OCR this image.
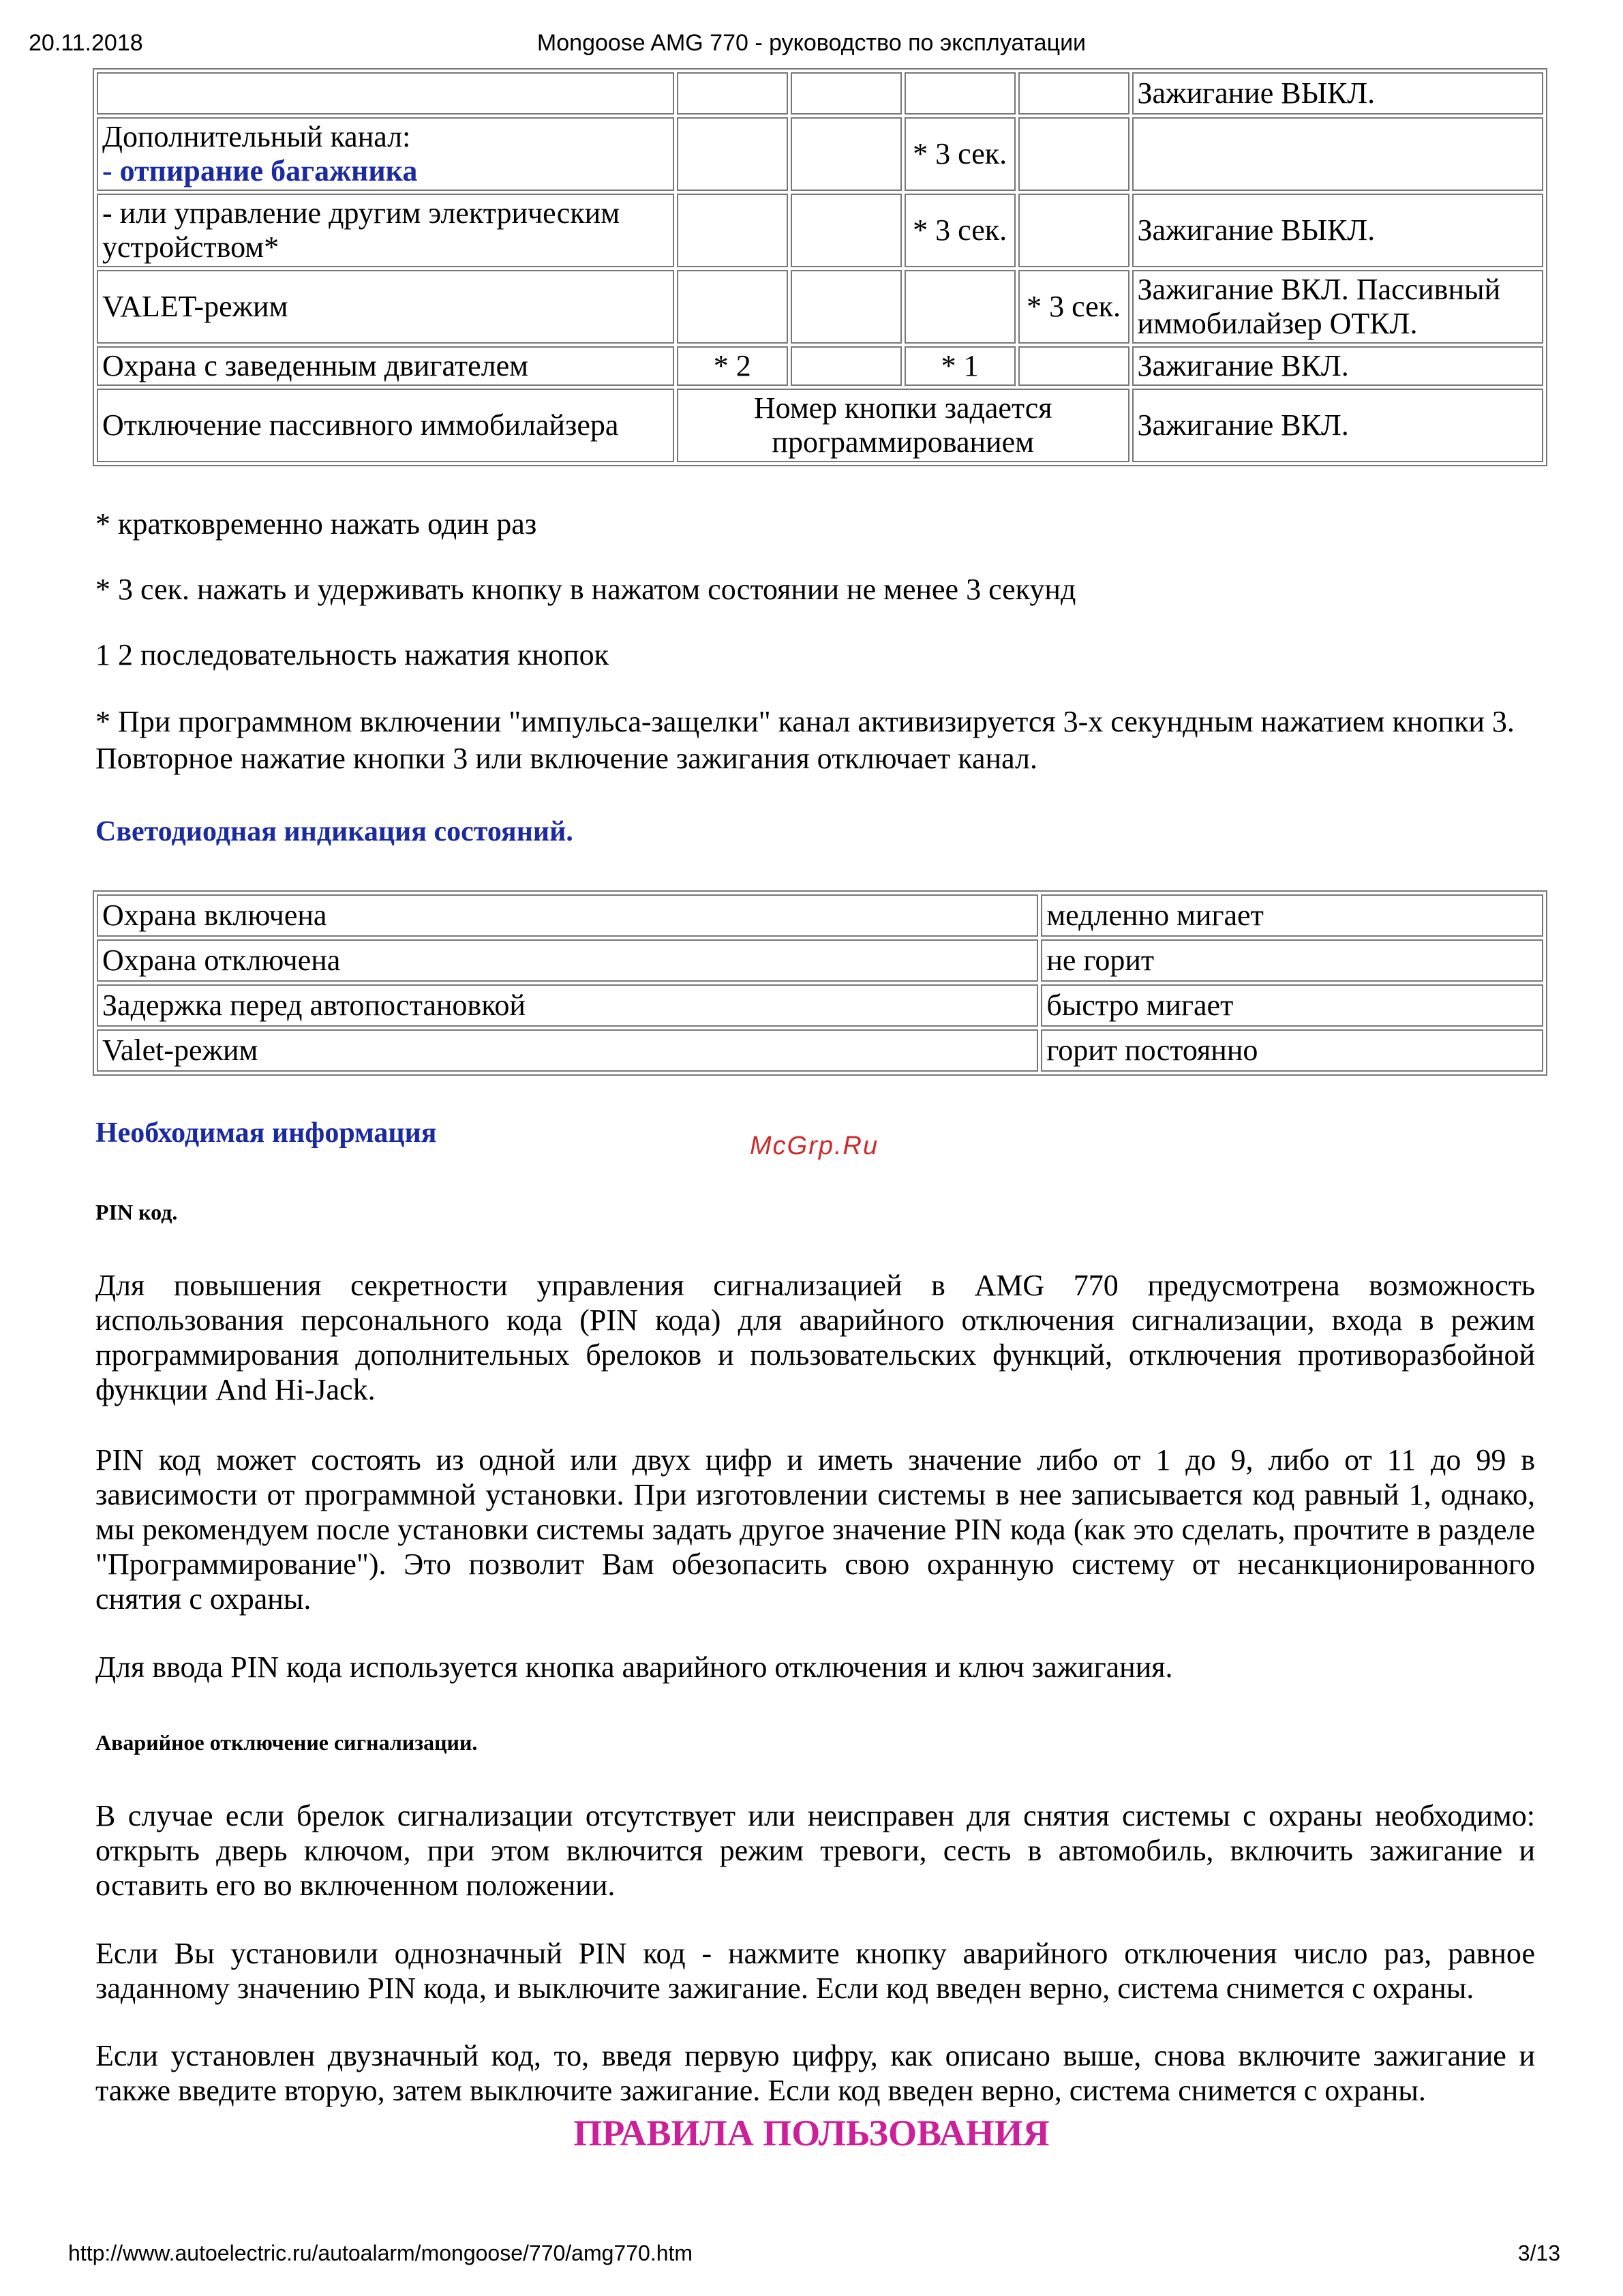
20.11.2018	Mongoose AMG 770 - руководство по эксплуатации
					Зажигание ВЫКЛ.
Дополнительный канал:
- отпирание багажника			* 3 сек.		
- или управление другим электрическим устройством*			* 3 сек.		Зажигание ВЫКЛ.
VALET-режим				* 3 сек.	Зажигание ВКЛ. Пассивный иммобилайзер ОТКЛ.
Охрана с заведенным двигателем	* 2		* 1		Зажигание ВКЛ.
Отключение пассивного иммобилайзера	Номер кнопки задается программированием				Зажигание ВКЛ.
* кратковременно нажать один раз
* 3 сек. нажать и удерживать кнопку в нажатом состоянии не менее 3 секунд
1 2 последовательность нажатия кнопок
* При программном включении "импульса-защелки" канал активизируется 3-х секундным нажатием кнопки 3. Повторное нажатие кнопки 3 или включение зажигания отключает канал.
Светодиодная индикация состояний.
Охрана включена	медленно мигает
Охрана отключена	не горит
Задержка перед автопостановкой	быстро мигает
Valet-режим	горит постоянно
Необходимая информация	McGrp.Ru
PIN код.
Для повышения секретности управления сигнализацией в AMG 770 предусмотрена возможность использования персонального кода (PIN кода) для аварийного отключения сигнализации, входа в режим программирования дополнительных брелоков и пользовательских функций, отключения противоразбойной функции And Hi-Jack.
PIN код может состоять из одной или двух цифр и иметь значение либо от 1 до 9, либо от 11 до 99 в зависимости от программной установки. При изготовлении системы в нее записывается код равный 1, однако, мы рекомендуем после установки системы задать другое значение PIN кода (как это сделать, прочтите в разделе "Программирование"). Это позволит Вам обезопасить свою охранную систему от несанкционированного снятия с охраны.
Для ввода PIN кода используется кнопка аварийного отключения и ключ зажигания.
Аварийное отключение сигнализации.
В случае если брелок сигнализации отсутствует или неисправен для снятия системы с охраны необходимо: открыть дверь ключом, при этом включится режим тревоги, сесть в автомобиль, включить зажигание и оставить его во включенном положении.
Если Вы установили однозначный PIN код - нажмите кнопку аварийного отключения число раз, равное заданному значению PIN кода, и выключите зажигание. Если код введен верно, система снимется с охраны.
Если установлен двузначный код, то, введя первую цифру, как описано выше, снова включите зажигание и также введите вторую, затем выключите зажигание. Если код введен верно, система снимется с охраны.
ПРАВИЛА ПОЛЬЗОВАНИЯ
http://www.autoelectric.ru/autoalarm/mongoose/770/amg770.htm	3/13
